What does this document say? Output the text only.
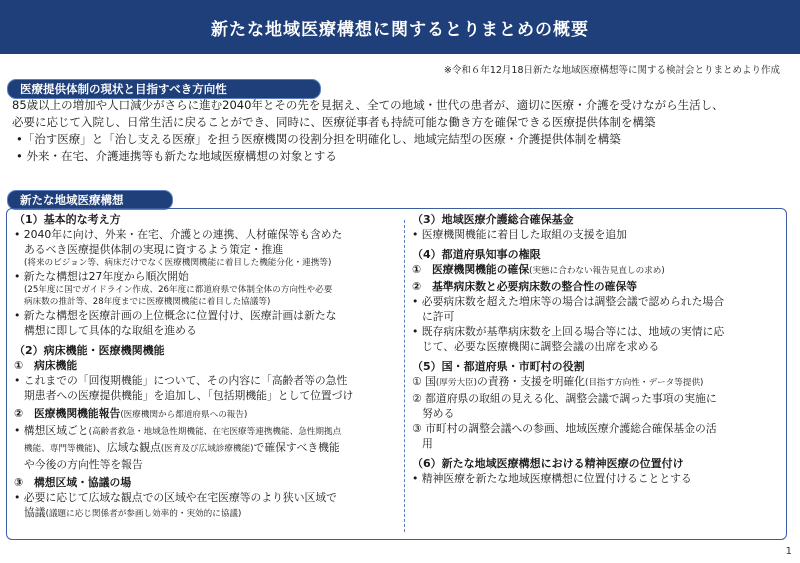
新たな地域医療構想に関するとりまとめの概要
※令和６年12月18日新たな地域医療構想等に関する検討会とりまとめより作成
医療提供体制の現状と目指すべき方向性

85歳以上の増加や人口減少がさらに進む2040年とその先を見据え、全ての地域・世代の患者が、適切に医療・介護を受けながら生活し、

必要に応じて入院し、日常生活に戻ることができ、同時に、医療従事者も持続可能な働き方を確保できる医療提供体制を構築

•「治す医療」と「治し支える医療」を担う医療機関の役割分担を明確化し、地域完結型の医療・介護提供体制を構築

• 外来・在宅、介護連携等も新たな地域医療構想の対象とする

新たな地域医療構想

（1）基本的な考え方

• 2040年に向け、外来・在宅、介護との連携、人材確保等も含めた

あるべき医療提供体制の実現に資するよう策定・推進

(将来のビジョン等、病床だけでなく医療機関機能に着目した機能分化・連携等)

• 新たな構想は27年度から順次開始

(25年度に国でガイドライン作成、26年度に都道府県で体制全体の方向性や必要

病床数の推計等、28年度までに医療機関機能に着目した協議等)

• 新たな構想を医療計画の上位概念に位置付け、医療計画は新たな

構想に即して具体的な取組を進める

（2）病床機能・医療機関機能

①　病床機能

• これまでの「回復期機能」について、その内容に「高齢者等の急性

期患者への医療提供機能」を追加し、「包括期機能」として位置づけ

②　医療機関機能報告(医療機関から都道府県への報告)

• 構想区域ごと(高齢者救急・地域急性期機能、在宅医療等連携機能、急性期拠点

機能、専門等機能)、広域な観点(医育及び広域診療機能)で確保すべき機能

や今後の方向性等を報告

③　構想区域・協議の場

• 必要に応じて広域な観点での区域や在宅医療等のより狭い区域で

協議(議題に応じ関係者が参画し効率的・実効的に協議)

（3）地域医療介護総合確保基金

• 医療機関機能に着目した取組の支援を追加

（4）都道府県知事の権限

①　医療機関機能の確保(実態に合わない報告見直しの求め)

②　基準病床数と必要病床数の整合性の確保等

• 必要病床数を超えた増床等の場合は調整会議で認められた場合

に許可

• 既存病床数が基準病床数を上回る場合等には、地域の実情に応

じて、必要な医療機関に調整会議の出席を求める

（5）国・都道府県・市町村の役割

① 国(厚労大臣)の責務・支援を明確化(目指す方向性・データ等提供)

② 都道府県の取組の見える化、調整会議で調った事項の実施に

努める

③ 市町村の調整会議への参画、地域医療介護総合確保基金の活

用

（6）新たな地域医療構想における精神医療の位置付け

• 精神医療を新たな地域医療構想に位置付けることとする

1
